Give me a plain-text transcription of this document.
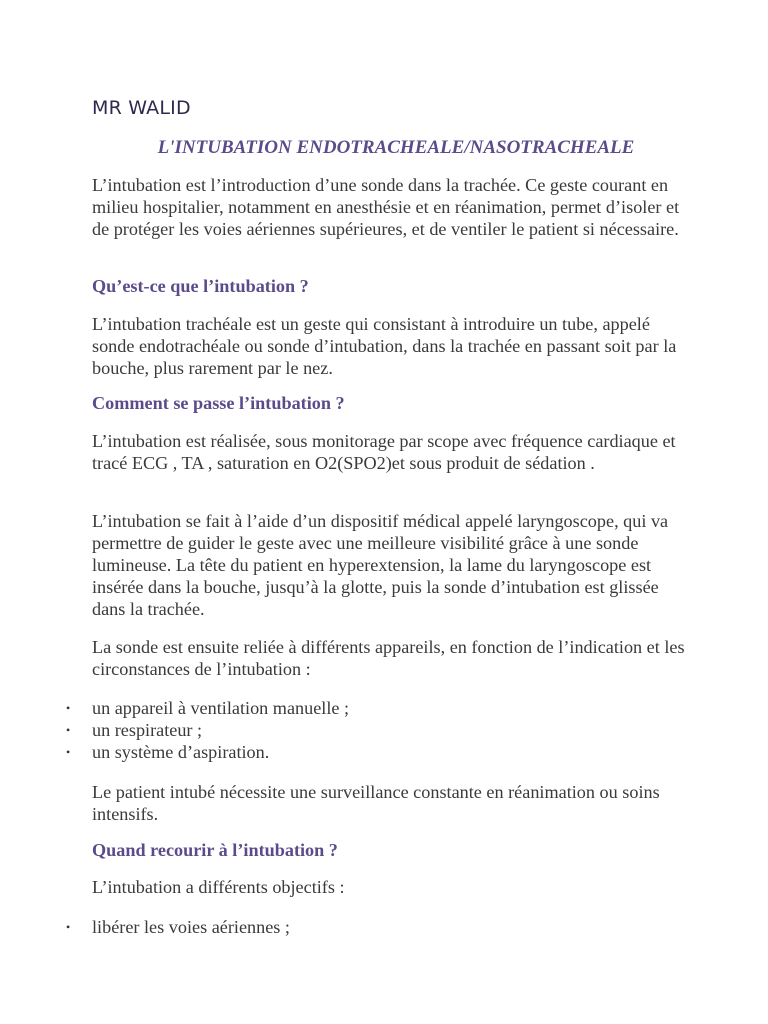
MR WALID
L'INTUBATION ENDOTRACHEALE/NASOTRACHEALE
L’intubation est l’introduction d’une sonde dans la trachée. Ce geste courant en milieu hospitalier, notamment en anesthésie et en réanimation, permet d’isoler et de protéger les voies aériennes supérieures, et de ventiler le patient si nécessaire.
Qu’est-ce que l’intubation ?
L’intubation trachéale est un geste qui consistant à introduire un tube, appelé sonde endotrachéale ou sonde d’intubation, dans la trachée en passant soit par la bouche, plus rarement par le nez.
Comment se passe l’intubation ?
L’intubation est réalisée, sous monitorage par scope avec fréquence cardiaque et tracé ECG , TA , saturation en O2(SPO2)et sous produit de sédation .
L’intubation se fait à l’aide d’un dispositif médical appelé laryngoscope, qui va permettre de guider le geste avec une meilleure visibilité grâce à une sonde lumineuse. La tête du patient en hyperextension, la lame du laryngoscope est insérée dans la bouche, jusqu’à la glotte, puis la sonde d’intubation est glissée dans la trachée.
La sonde est ensuite reliée à différents appareils, en fonction de l’indication et les circonstances de l’intubation :
• un appareil à ventilation manuelle ;
• un respirateur ;
• un système d’aspiration.
Le patient intubé nécessite une surveillance constante en réanimation ou soins intensifs.
Quand recourir à l’intubation ?
L’intubation a différents objectifs :
• libérer les voies aériennes ;
